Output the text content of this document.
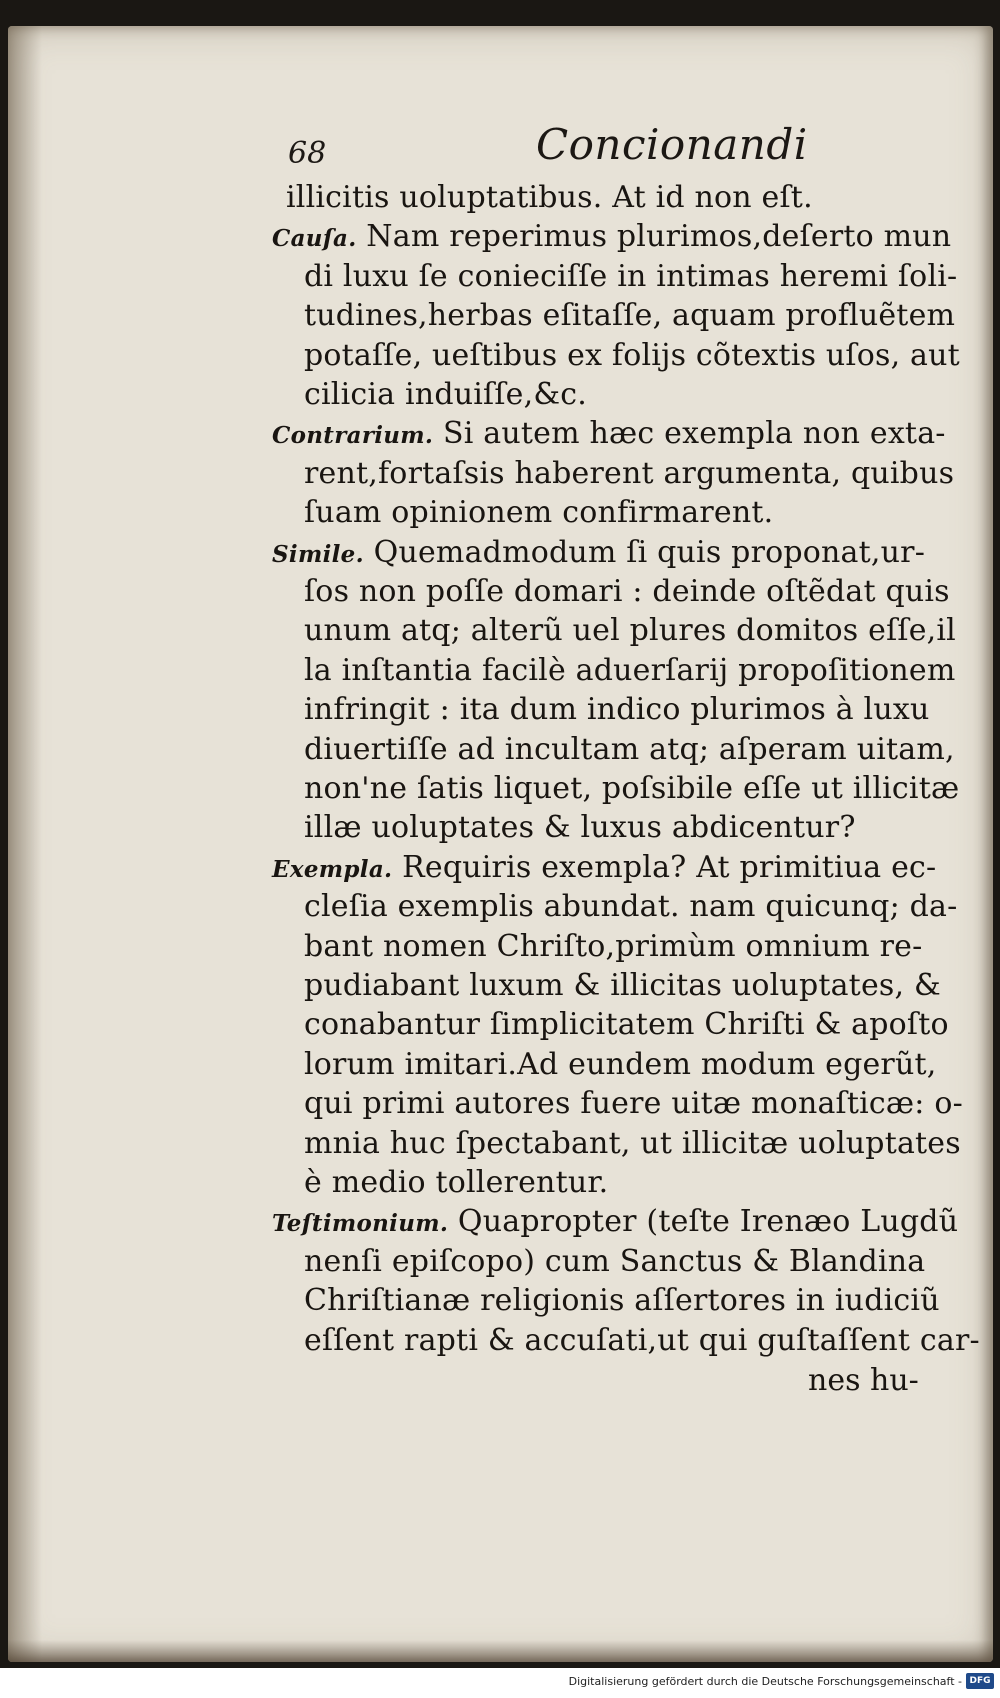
68	Concionandi
illicitis uoluptatibus. At id non eſt.
Cauſa. Nam reperimus plurimos,deſerto mun
di luxu ſe conieciſſe in intimas heremi ſoli-
tudines,herbas eſitaſſe, aquam profluẽtem
potaſſe, ueſtibus ex folijs cõtextis uſos, aut
cilicia induiſſe,&c.
Contrarium. Si autem hæc exempla non exta-
rent,fortaſsis haberent argumenta, quibus
ſuam opinionem confirmarent.
Simile. Quemadmodum ſi quis proponat,ur-
ſos non poſſe domari : deinde oſtẽdat quis
unum atq; alterũ uel plures domitos eſſe,il
la inſtantia facilè aduerſarij propoſitionem
infringit : ita dum indico plurimos à luxu
diuertiſſe ad incultam atq; aſperam uitam,
non'ne ſatis liquet, poſsibile eſſe ut illicitæ
illæ uoluptates & luxus abdicentur?
Exempla. Requiris exempla? At primitiua ec-
cleſia exemplis abundat. nam quicunq; da-
bant nomen Chriſto,primùm omnium re-
pudiabant luxum & illicitas uoluptates, &
conabantur ſimplicitatem Chriſti & apoſto
lorum imitari.Ad eundem modum egerũt,
qui primi autores fuere uitæ monaſticæ: o-
mnia huc ſpectabant, ut illicitæ uoluptates
è medio tollerentur.
Teſtimonium. Quapropter (teſte Irenæo Lugdũ
nenſi epiſcopo) cum Sanctus & Blandina
Chriſtianæ religionis aſſertores in iudiciũ
eſſent rapti & accuſati,ut qui guſtaſſent car-
nes hu-
Digitalisierung gefördert durch die Deutsche Forschungsgemeinschaft - DFG
